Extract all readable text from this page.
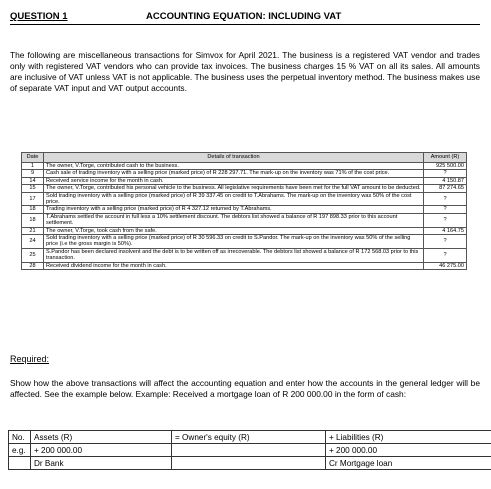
QUESTION 1	ACCOUNTING EQUATION: INCLUDING VAT
The following are miscellaneous transactions for Simvox for April 2021. The business is a registered VAT vendor and trades only with registered VAT vendors who can provide tax invoices. The business charges 15 % VAT on all its sales. All amounts are inclusive of VAT unless VAT is not applicable. The business uses the perpetual inventory method. The business makes use of separate VAT input and VAT output accounts.
Date	Details of transaction	Amount (R)
1	The owner, V.Torge, contributed cash to the business.	925 500.00
9	Cash sale of trading inventory with a selling price (marked price) of R 228 297.71. The mark-up on the inventory was 71% of the cost price.	?
14	Received service income for the month in cash.	4 150.87
15	The owner, V.Torge, contributed his personal vehicle to the business. All legislative requirements have been met for the full VAT amount to be deducted.	87 274.65
17	Sold trading inventory with a selling price (marked price) of R 39 337.45 on credit to T.Abrahams. The mark-up on the inventory was 50% of the cost price.	?
18	Trading inventory with a selling price (marked price) of R 4 327.12 returned by T.Abrahams.	?
18	T.Abrahams settled the account in full less a 10% settlement discount. The debtors list showed a balance of R 197 898.33 prior to this account settlement.	?
21	The owner, V.Torge, took cash from the safe.	4 164.75
24	Sold trading inventory with a selling price (marked price) of R 30 596.33 on credit to S.Pandor. The mark-up on the inventory was 50% of the selling price (i.e the gross margin is 50%).	?
25	S.Pandor has been declared insolvent and the debt is to be written off as irrecoverable. The debtors list showed a balance of R 172 568.03 prior to this transaction.	?
28	Received dividend income for the month in cash.	46 275.00
Required:
Show how the above transactions will affect the accounting equation and enter how the accounts in the general ledger will be affected. See the example below. Example: Received a mortgage loan of R 200 000.00 in the form of cash:
No.	Assets (R)	= Owner's equity (R)	+ Liabilities (R)
e.g.	+ 200 000.00		+ 200 000.00
	Dr Bank		Cr Mortgage loan
